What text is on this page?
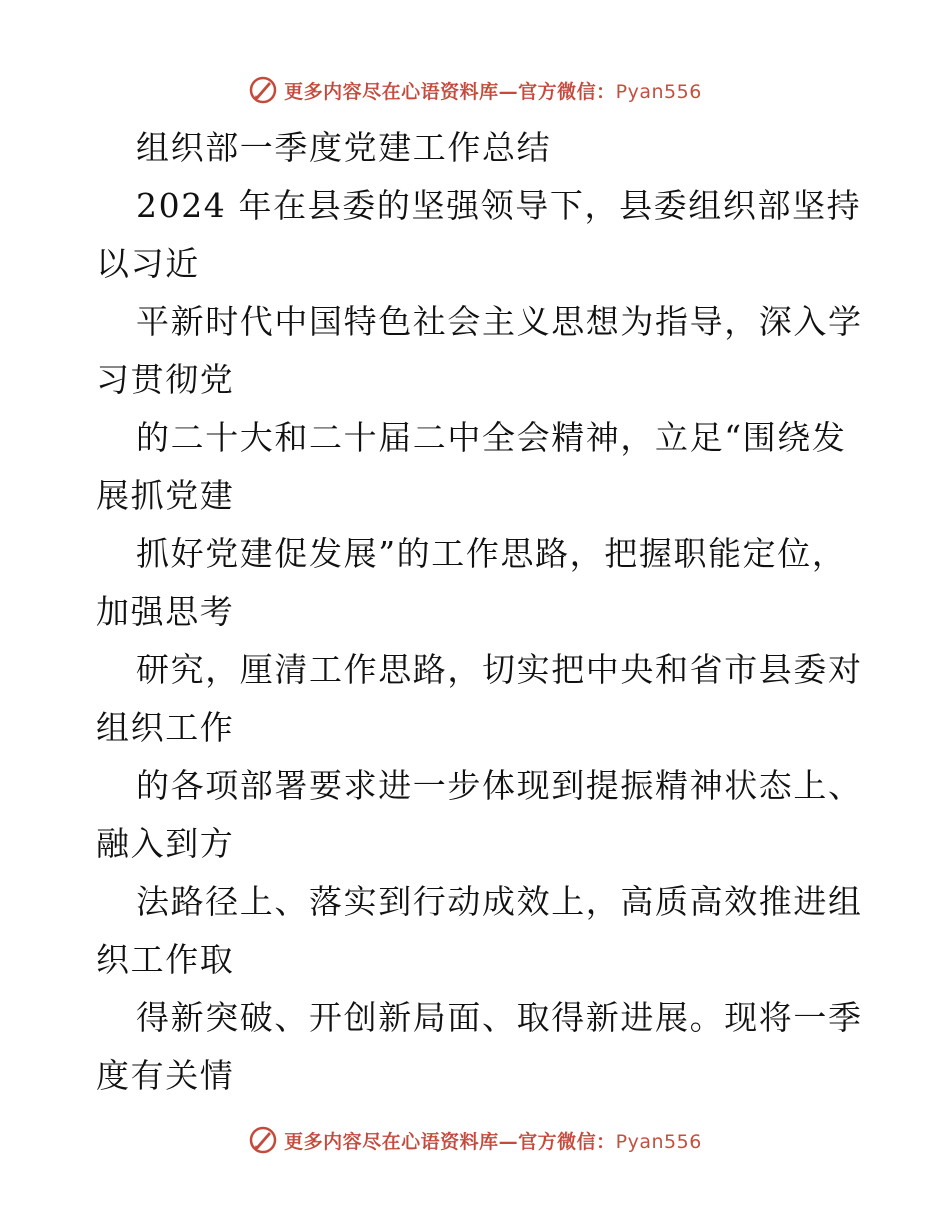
更多内容尽在心语资料库—官方微信：Pyan556
组织部一季度党建工作总结
2024 年在县委的坚强领导下，县委组织部坚持
以习近
平新时代中国特色社会主义思想为指导，深入学
习贯彻党
的二十大和二十届二中全会精神，立足“围绕发
展抓党建
抓好党建促发展”的工作思路，把握职能定位，
加强思考
研究，厘清工作思路，切实把中央和省市县委对
组织工作
的各项部署要求进一步体现到提振精神状态上、
融入到方
法路径上、落实到行动成效上，高质高效推进组
织工作取
得新突破、开创新局面、取得新进展。现将一季
度有关情
更多内容尽在心语资料库—官方微信：Pyan556
